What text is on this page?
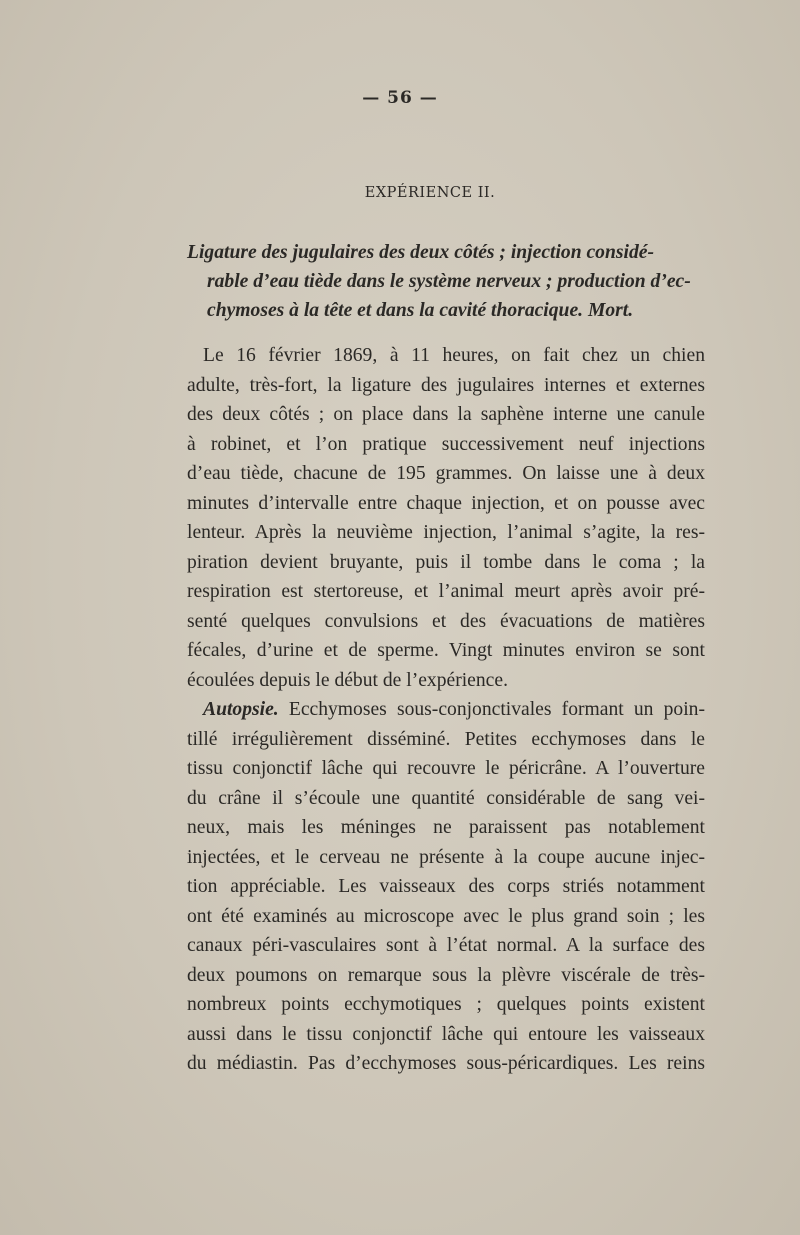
— 56 —
EXPÉRIENCE II.
Ligature des jugulaires des deux côtés ; injection considé-
rable d’eau tiède dans le système nerveux ; production d’ec-
chymoses à la tête et dans la cavité thoracique. Mort.
Le 16 février 1869, à 11 heures, on fait chez un chien
adulte, très-fort, la ligature des jugulaires internes et externes
des deux côtés ; on place dans la saphène interne une canule
à robinet, et l’on pratique successivement neuf injections
d’eau tiède, chacune de 195 grammes. On laisse une à deux
minutes d’intervalle entre chaque injection, et on pousse avec
lenteur. Après la neuvième injection, l’animal s’agite, la res-
piration devient bruyante, puis il tombe dans le coma ; la
respiration est stertoreuse, et l’animal meurt après avoir pré-
senté quelques convulsions et des évacuations de matières
fécales, d’urine et de sperme. Vingt minutes environ se sont
écoulées depuis le début de l’expérience.
Autopsie. Ecchymoses sous-conjonctivales formant un poin-
tillé irrégulièrement disséminé. Petites ecchymoses dans le
tissu conjonctif lâche qui recouvre le péricrâne. A l’ouverture
du crâne il s’écoule une quantité considérable de sang vei-
neux, mais les méninges ne paraissent pas notablement
injectées, et le cerveau ne présente à la coupe aucune injec-
tion appréciable. Les vaisseaux des corps striés notamment
ont été examinés au microscope avec le plus grand soin ; les
canaux péri-vasculaires sont à l’état normal. A la surface des
deux poumons on remarque sous la plèvre viscérale de très-
nombreux points ecchymotiques ; quelques points existent
aussi dans le tissu conjonctif lâche qui entoure les vaisseaux
du médiastin. Pas d’ecchymoses sous-péricardiques. Les reins
